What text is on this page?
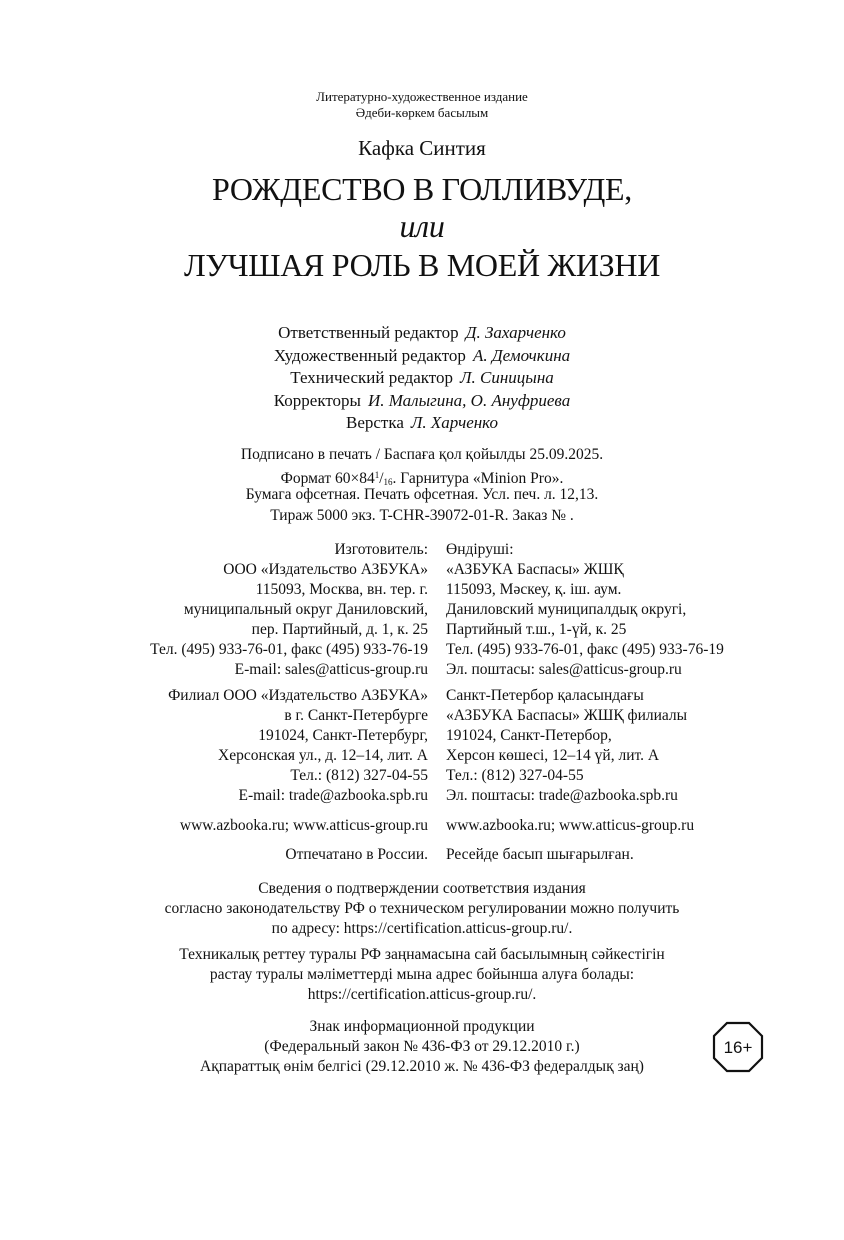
Литературно-художественное издание
Әдеби-көркем басылым
Кафка Синтия
РОЖДЕСТВО В ГОЛЛИВУДЕ,
или
ЛУЧШАЯ РОЛЬ В МОЕЙ ЖИЗНИ
Ответственный редактор Д. Захарченко
Художественный редактор А. Демочкина
Технический редактор Л. Синицына
Корректоры И. Малыгина, О. Ануфриева
Верстка Л. Харченко
Подписано в печать / Баспаға қол қойылды 25.09.2025.
Формат $60\times 84^1/16$. Гарнитура «Minion Pro».
Бумага офсетная. Печать офсетная. Усл. печ. л. 12,13.
Тираж 5000 экз. T-CHR-39072-01-R. Заказ № .
Изготовитель:
ООО «Издательство АЗБУКА»
115093, Москва, вн. тер. г.
муниципальный округ Даниловский,
пер. Партийный, д. 1, к. 25
Тел. (495) 933-76-01, факс (495) 933-76-19
E-mail: sales@atticus-group.ru
Өндіруші:
«АЗБУКА Баспасы» ЖШҚ
115093, Мәскеу, қ. іш. аум.
Даниловский муниципалдық округі,
Партийный т.ш., 1-үй, к. 25
Тел. (495) 933-76-01, факс (495) 933-76-19
Эл. поштасы: sales@atticus-group.ru
Филиал ООО «Издательство АЗБУКА»
в г. Санкт-Петербурге
191024, Санкт-Петербург,
Херсонская ул., д. 12–14, лит. А
Тел.: (812) 327-04-55
E-mail: trade@azbooka.spb.ru
Санкт-Петербор қаласындағы
«АЗБУКА Баспасы» ЖШҚ филиалы
191024, Санкт-Петербор,
Херсон көшесі, 12–14 үй, лит. А
Тел.: (812) 327-04-55
Эл. поштасы: trade@azbooka.spb.ru
www.azbooka.ru; www.atticus-group.ru www.azbooka.ru; www.atticus-group.ru
Отпечатано в России. Ресейде басып шығарылған.
Сведения о подтверждении соответствия издания
согласно законодательству РФ о техническом регулировании можно получить
по адресу: https://certification.atticus-group.ru/.
Техникалық реттеу туралы РФ заңнамасына сай басылымның сәйкестігін
растау туралы мәліметтерді мына адрес бойынша алуға болады:
https://certification.atticus-group.ru/.
Знак информационной продукции
(Федеральный закон № 436-ФЗ от 29.12.2010 г.)
Ақпараттық өнім белгісі (29.12.2010 ж. № 436-ФЗ федералдық заң)
16+
